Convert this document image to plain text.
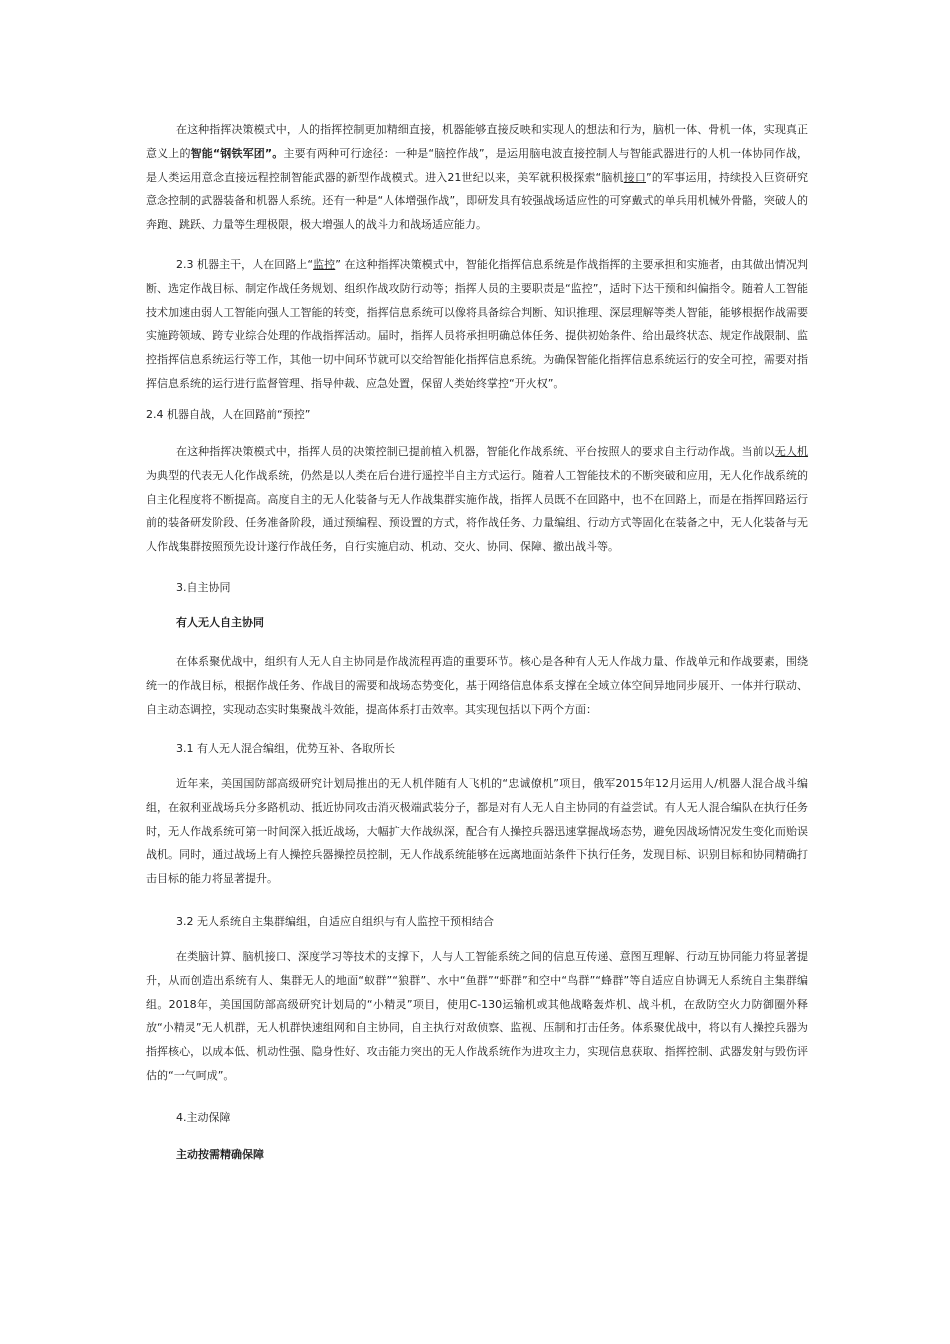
在这种指挥决策模式中，人的指挥控制更加精细直接，机器能够直接反映和实现人的想法和行为，脑机一体、骨机一体，实现真正意义上的智能“钢铁军团”。主要有两种可行途径：一种是“脑控作战”，是运用脑电波直接控制人与智能武器进行的人机一体协同作战，是人类运用意念直接远程控制智能武器的新型作战模式。进入21世纪以来，美军就积极探索“脑机接口”的军事运用，持续投入巨资研究意念控制的武器装备和机器人系统。还有一种是“人体增强作战”，即研发具有较强战场适应性的可穿戴式的单兵用机械外骨骼，突破人的奔跑、跳跃、力量等生理极限，极大增强人的战斗力和战场适应能力。

2.3 机器主干，人在回路上“监控” 在这种指挥决策模式中，智能化指挥信息系统是作战指挥的主要承担和实施者，由其做出情况判断、选定作战目标、制定作战任务规划、组织作战攻防行动等；指挥人员的主要职责是“监控”，适时下达干预和纠偏指令。随着人工智能技术加速由弱人工智能向强人工智能的转变，指挥信息系统可以像将具备综合判断、知识推理、深层理解等类人智能，能够根据作战需要实施跨领域、跨专业综合处理的作战指挥活动。届时，指挥人员将承担明确总体任务、提供初始条件、给出最终状态、规定作战限制、监控指挥信息系统运行等工作，其他一切中间环节就可以交给智能化指挥信息系统。为确保智能化指挥信息系统运行的安全可控，需要对指挥信息系统的运行进行监督管理、指导仲裁、应急处置，保留人类始终掌控“开火权”。

2.4 机器自战，人在回路前“预控”

在这种指挥决策模式中，指挥人员的决策控制已提前植入机器，智能化作战系统、平台按照人的要求自主行动作战。当前以无人机为典型的代表无人化作战系统，仍然是以人类在后台进行遥控半自主方式运行。随着人工智能技术的不断突破和应用，无人化作战系统的自主化程度将不断提高。高度自主的无人化装备与无人作战集群实施作战，指挥人员既不在回路中，也不在回路上，而是在指挥回路运行前的装备研发阶段、任务准备阶段，通过预编程、预设置的方式，将作战任务、力量编组、行动方式等固化在装备之中，无人化装备与无人作战集群按照预先设计遂行作战任务，自行实施启动、机动、交火、协同、保障、撤出战斗等。

3.自主协同

有人无人自主协同

在体系聚优战中，组织有人无人自主协同是作战流程再造的重要环节。核心是各种有人无人作战力量、作战单元和作战要素，围绕统一的作战目标，根据作战任务、作战目的需要和战场态势变化，基于网络信息体系支撑在全域立体空间异地同步展开、一体并行联动、自主动态调控，实现动态实时集聚战斗效能，提高体系打击效率。其实现包括以下两个方面：

3.1 有人无人混合编组，优势互补、各取所长

近年来，美国国防部高级研究计划局推出的无人机伴随有人飞机的“忠诚僚机”项目，俄军2015年12月运用人/机器人混合战斗编组，在叙利亚战场兵分多路机动、抵近协同攻击消灭极端武装分子，都是对有人无人自主协同的有益尝试。有人无人混合编队在执行任务时，无人作战系统可第一时间深入抵近战场，大幅扩大作战纵深，配合有人操控兵器迅速掌握战场态势，避免因战场情况发生变化而贻误战机。同时，通过战场上有人操控兵器操控员控制，无人作战系统能够在远离地面站条件下执行任务，发现目标、识别目标和协同精确打击目标的能力将显著提升。

3.2 无人系统自主集群编组，自适应自组织与有人监控干预相结合

在类脑计算、脑机接口、深度学习等技术的支撑下，人与人工智能系统之间的信息互传递、意图互理解、行动互协同能力将显著提升，从而创造出系统有人、集群无人的地面“蚁群”“狼群”、水中“鱼群”“虾群”和空中“鸟群”“蜂群”等自适应自协调无人系统自主集群编组。2018年，美国国防部高级研究计划局的“小精灵”项目，使用C-130运输机或其他战略轰炸机、战斗机，在敌防空火力防御圈外释放“小精灵”无人机群，无人机群快速组网和自主协同，自主执行对敌侦察、监视、压制和打击任务。体系聚优战中，将以有人操控兵器为指挥核心，以成本低、机动性强、隐身性好、攻击能力突出的无人作战系统作为进攻主力，实现信息获取、指挥控制、武器发射与毁伤评估的“一气呵成”。

4.主动保障

主动按需精确保障
